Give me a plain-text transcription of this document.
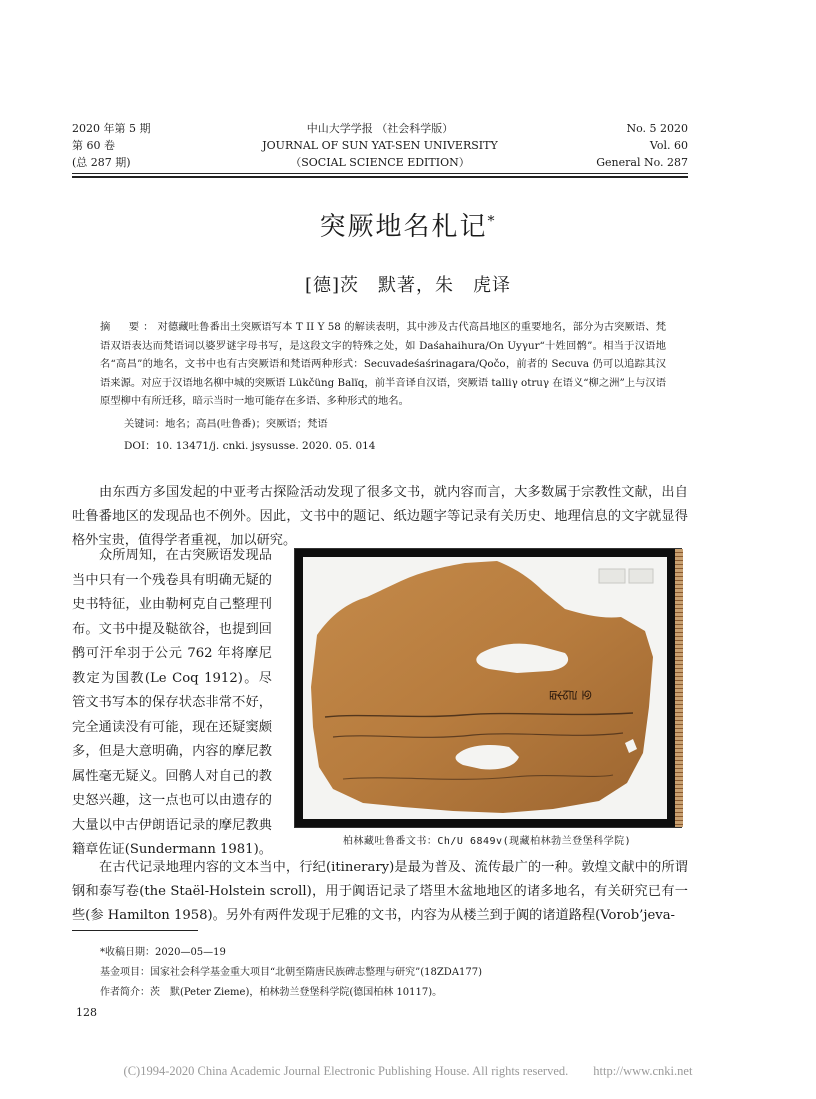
2020 年第 5 期
第 60 卷
(总 287 期)
中山大学学报 （社会科学版）
JOURNAL OF SUN YAT-SEN UNIVERSITY
（SOCIAL SCIENCE EDITION）
No. 5 2020
Vol. 60
General No. 287
突厥地名札记*
[德]茨　默著，朱　虎译
摘　要：对德藏吐鲁番出土突厥语写本 T II Y 58 的解读表明，其中涉及古代高昌地区的重要地名，部分为古突厥语、梵语双语表达而梵语词以婆罗谜字母书写，是这段文字的特殊之处，如 Daśahaihura/On Uyγur“十姓回鹘”。相当于汉语地名“高昌”的地名，文书中也有古突厥语和梵语两种形式：Secuvadeśaśrinagara/Qočo，前者的 Secuva 仍可以追踪其汉语来源。对应于汉语地名柳中城的突厥语 Lükčüng Balïq，前半音译自汉语，突厥语 talliγ otruγ 在语义“柳之洲”上与汉语原型柳中有所迁移，暗示当时一地可能存在多语、多种形式的地名。
关键词：地名；高昌(吐鲁番)；突厥语；梵语
DOI：10. 13471/j. cnki. jsysusse. 2020. 05. 014
由东西方多国发起的中亚考古探险活动发现了很多文书，就内容而言，大多数属于宗教性文献，出自吐鲁番地区的发现品也不例外。因此，文书中的题记、纸边题字等记录有关历史、地理信息的文字就显得格外宝贵，值得学者重视，加以研究。
众所周知，在古突厥语发现品当中只有一个残卷具有明确无疑的史书特征，业由勒柯克自己整理刊布。文书中提及鞑欲谷，也提到回鹘可汗牟羽于公元 762 年将摩尼教定为国教(Le Coq 1912)。尽管文书写本的保存状态非常不好，完全通读没有可能，现在还疑窦颇多，但是大意明确，内容的摩尼教属性毫无疑义。回鹘人对自己的教史怒兴趣，这一点也可以由遗存的大量以中古伊朗语记录的摩尼教典籍章佐证(Sundermann 1981)。
ꡂꡡꡞꡃ ꡟ
柏林藏吐鲁番文书：Ch/U 6849v(现藏柏林勃兰登堡科学院)
在古代记录地理内容的文本当中，行纪(itinerary)是最为普及、流传最广的一种。敦煌文献中的所谓钢和泰写卷(the Staël-Holstein scroll)，用于阗语记录了塔里木盆地地区的诸多地名，有关研究已有一些(参 Hamilton 1958)。另外有两件发现于尼雅的文书，内容为从楼兰到于阗的诸道路程(Vorob’jeva-
*收稿日期：2020—05—19
基金项目：国家社会科学基金重大项目“北朝至隋唐民族碑志整理与研究”(18ZDA177)
作者简介：茨　默(Peter Zieme)，柏林勃兰登堡科学院(德国柏林 10117)。
128
(C)1994-2020 China Academic Journal Electronic Publishing House. All rights reserved.　　http://www.cnki.net
